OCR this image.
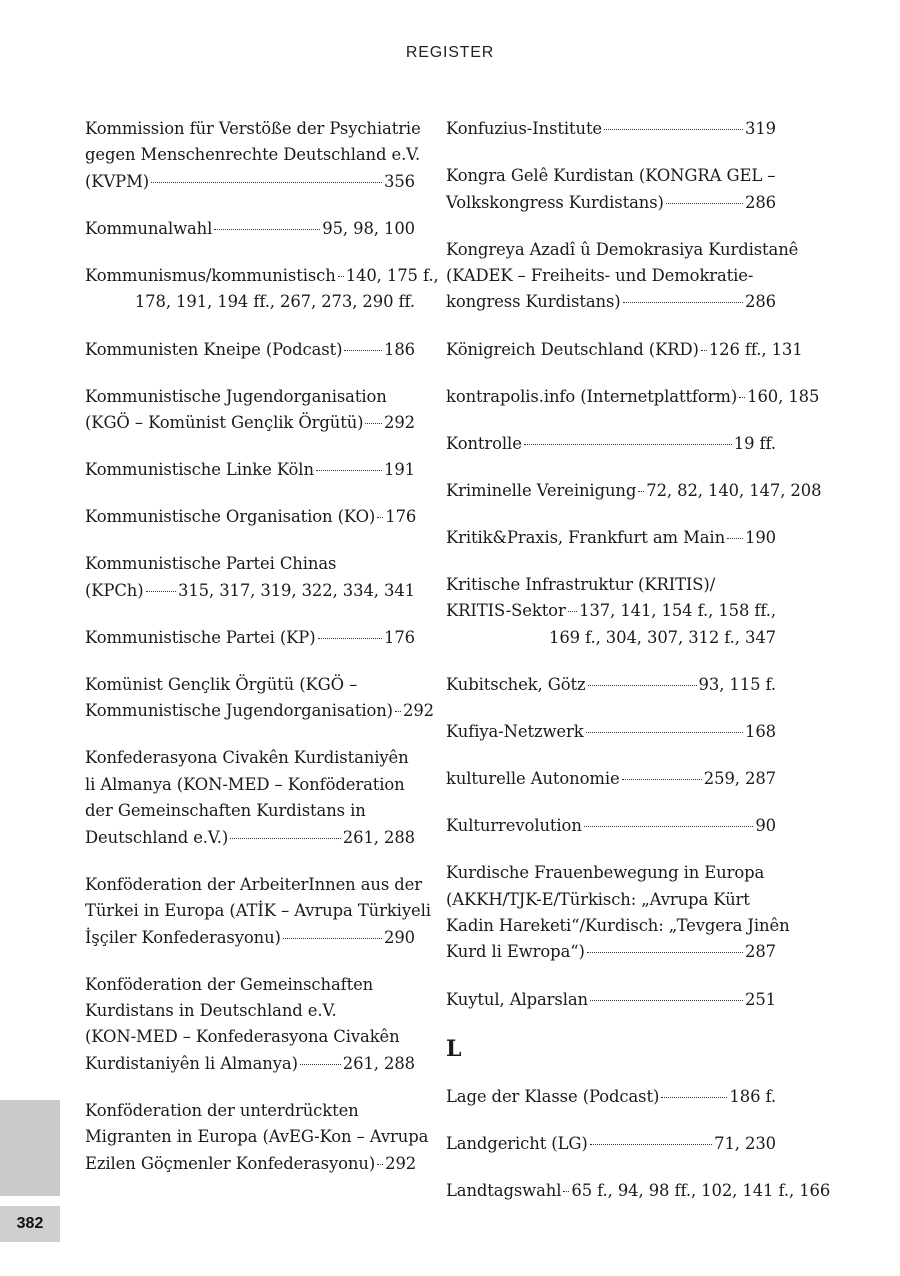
REGISTER
Kommission für Verstöße der Psychiatrie
gegen Menschenrechte Deutschland e.V.
(KVPM)	356
Kommunalwahl	95, 98, 100
Kommunismus/kommunistisch 140, 175 f.,
178, 191, 194 ff., 267, 273, 290 ff.
Kommunisten Kneipe (Podcast)	186
Kommunistische Jugendorganisation
(KGÖ – Komünist Gençlik Örgütü) 292
Kommunistische Linke Köln	191
Kommunistische Organisation (KO) 176
Kommunistische Partei Chinas
(KPCh) 315, 317, 319, 322, 334, 341
Kommunistische Partei (KP)	176
Komünist Gençlik Örgütü (KGÖ –
Kommunistische Jugendorganisation) 292
Konfederasyona Civakên Kurdistaniyên
li Almanya (KON-MED – Konföderation
der Gemeinschaften Kurdistans in
Deutschland e.V.)	261, 288
Konföderation der ArbeiterInnen aus der
Türkei in Europa (ATİK – Avrupa Türkiyeli
İşçiler Konfederasyonu)	290
Konföderation der Gemeinschaften
Kurdistans in Deutschland e.V.
(KON-MED – Konfederasyona Civakên
Kurdistaniyên li Almanya)	261, 288
Konföderation der unterdrückten
Migranten in Europa (AvEG-Kon – Avrupa
Ezilen Göçmenler Konfederasyonu) 292
Konfuzius-Institute	319
Kongra Gelê Kurdistan (KONGRA GEL –
Volkskongress Kurdistans)	286
Kongreya Azadî û Demokrasiya Kurdistanê
(KADEK – Freiheits- und Demokratie-
kongress Kurdistans)	286
Königreich Deutschland (KRD) 126 ff., 131
kontrapolis.info (Internetplattform) 160, 185
Kontrolle	19 ff.
Kriminelle Vereinigung 72, 82, 140, 147, 208
Kritik&Praxis, Frankfurt am Main 190
Kritische Infrastruktur (KRITIS)/
KRITIS-Sektor 137, 141, 154 f., 158 ff.,
169 f., 304, 307, 312 f., 347
Kubitschek, Götz	93, 115 f.
Kufiya-Netzwerk	168
kulturelle Autonomie	259, 287
Kulturrevolution	90
Kurdische Frauenbewegung in Europa
(AKKH/TJK-E/Türkisch: „Avrupa Kürt
Kadin Hareketi“/Kurdisch: „Tevgera Jinên
Kurd li Ewropa“)	287
Kuytul, Alparslan	251
L
Lage der Klasse (Podcast)	186 f.
Landgericht (LG)	71, 230
Landtagswahl 65 f., 94, 98 ff., 102, 141 f., 166
382
